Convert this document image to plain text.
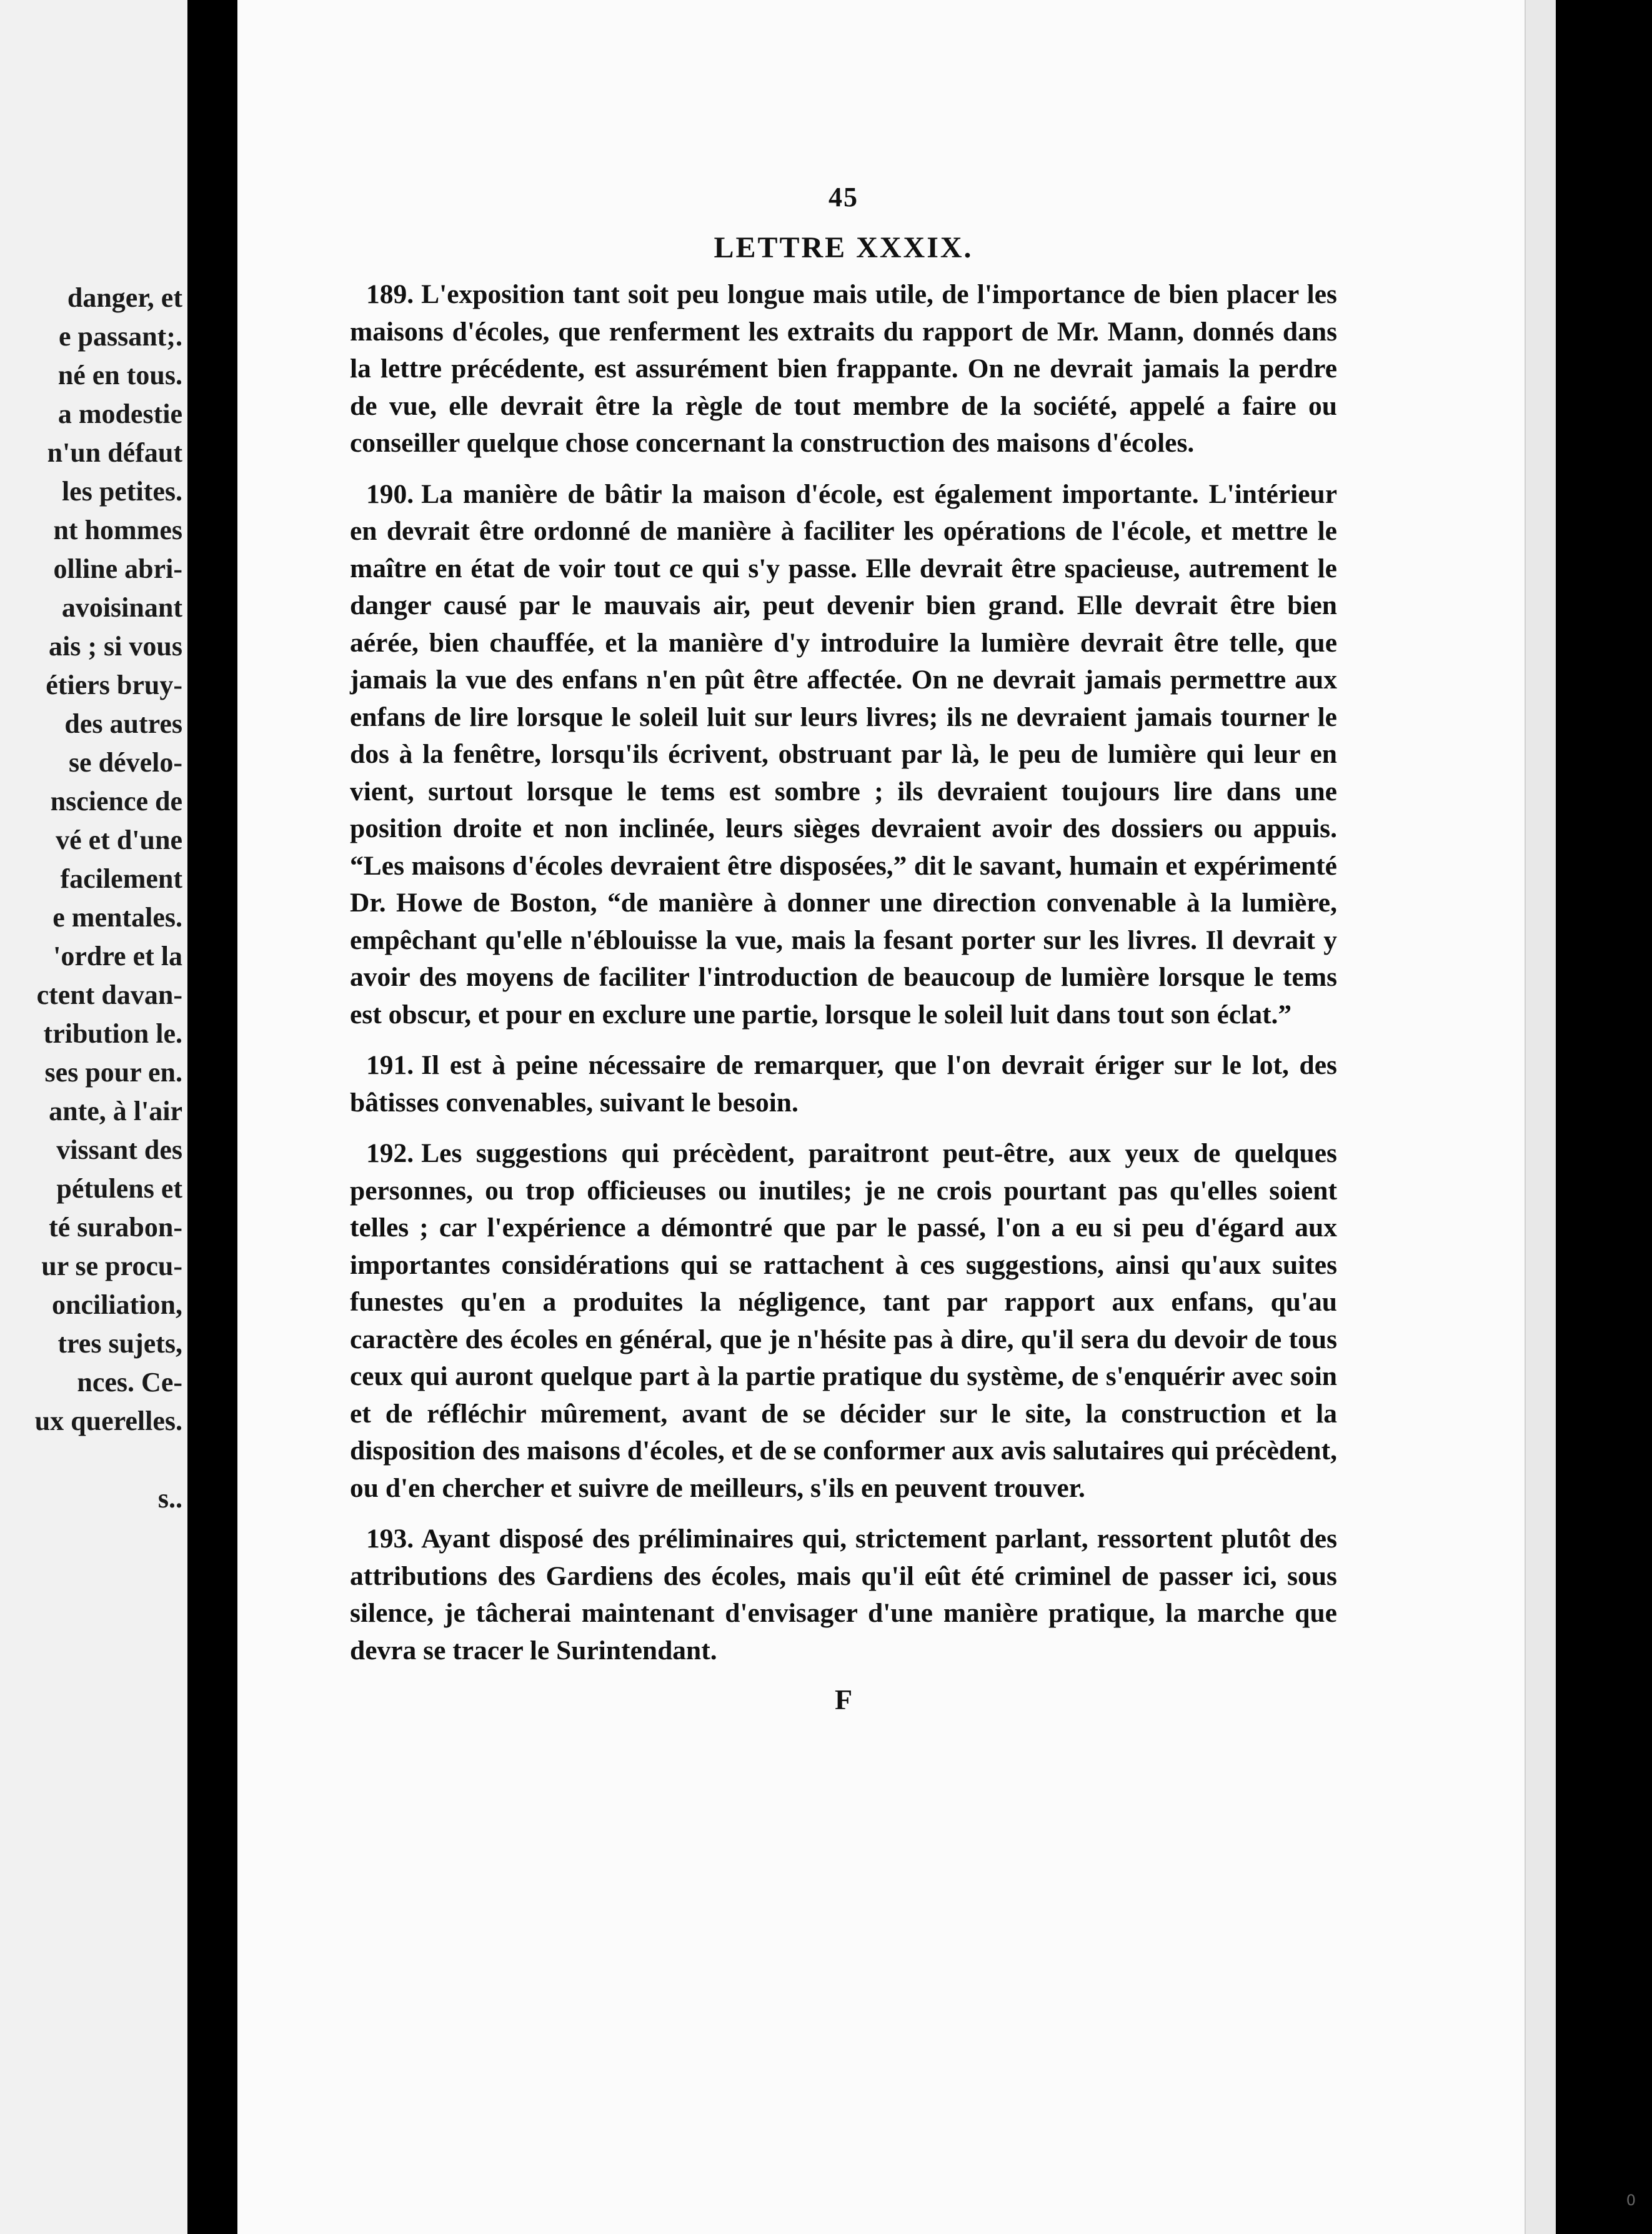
danger, et
e passant;.
né en tous.
a modestie
n'un défaut
les petites.
nt hommes
olline abri-
avoisinant
ais ; si vous
étiers bruy-
des autres
se dévelo-
nscience de
vé et d'une
facilement
e mentales.
'ordre et la
ctent davan-
tribution le.
ses pour en.
ante, à l'air
vissant des
pétulens et
té surabon-
ur se procu-
onciliation,
tres sujets,
nces. Ce-
ux querelles.
s..
0
45
LETTRE XXXIX.

189. L'exposition tant soit peu longue mais utile, de l'importance de bien placer les maisons d'écoles, que renferment les extraits du rapport de Mr. Mann, donnés dans la lettre précédente, est assurément bien frappante. On ne devrait jamais la perdre de vue, elle devrait être la règle de tout membre de la société, appelé a faire ou conseiller quelque chose concernant la construction des maisons d'écoles.

190. La manière de bâtir la maison d'école, est également importante. L'intérieur en devrait être ordonné de manière à faciliter les opérations de l'école, et mettre le maître en état de voir tout ce qui s'y passe. Elle devrait être spacieuse, autrement le danger causé par le mauvais air, peut devenir bien grand. Elle devrait être bien aérée, bien chauffée, et la manière d'y introduire la lumière devrait être telle, que jamais la vue des enfans n'en pût être affectée. On ne devrait jamais permettre aux enfans de lire lorsque le soleil luit sur leurs livres; ils ne devraient jamais tourner le dos à la fenêtre, lorsqu'ils écrivent, obstruant par là, le peu de lumière qui leur en vient, surtout lorsque le tems est sombre ; ils devraient toujours lire dans une position droite et non inclinée, leurs sièges devraient avoir des dossiers ou appuis. “Les maisons d'écoles devraient être disposées,” dit le savant, humain et expérimenté Dr. Howe de Boston, “de manière à donner une direction convenable à la lumière, empêchant qu'elle n'éblouisse la vue, mais la fesant porter sur les livres. Il devrait y avoir des moyens de faciliter l'introduction de beaucoup de lumière lorsque le tems est obscur, et pour en exclure une partie, lorsque le soleil luit dans tout son éclat.”

191. Il est à peine nécessaire de remarquer, que l'on devrait ériger sur le lot, des bâtisses convenables, suivant le besoin.

192. Les suggestions qui précèdent, paraitront peut-être, aux yeux de quelques personnes, ou trop officieuses ou inutiles; je ne crois pourtant pas qu'elles soient telles ; car l'expérience a démontré que par le passé, l'on a eu si peu d'égard aux importantes considérations qui se rattachent à ces suggestions, ainsi qu'aux suites funestes qu'en a produites la négligence, tant par rapport aux enfans, qu'au caractère des écoles en général, que je n'hésite pas à dire, qu'il sera du devoir de tous ceux qui auront quelque part à la partie pratique du système, de s'enquérir avec soin et de réfléchir mûrement, avant de se décider sur le site, la construction et la disposition des maisons d'écoles, et de se conformer aux avis salutaires qui précèdent, ou d'en chercher et suivre de meilleurs, s'ils en peuvent trouver.

193. Ayant disposé des préliminaires qui, strictement parlant, ressortent plutôt des attributions des Gardiens des écoles, mais qu'il eût été criminel de passer ici, sous silence, je tâcherai maintenant d'envisager d'une manière pratique, la marche que devra se tracer le Surintendant.

F
